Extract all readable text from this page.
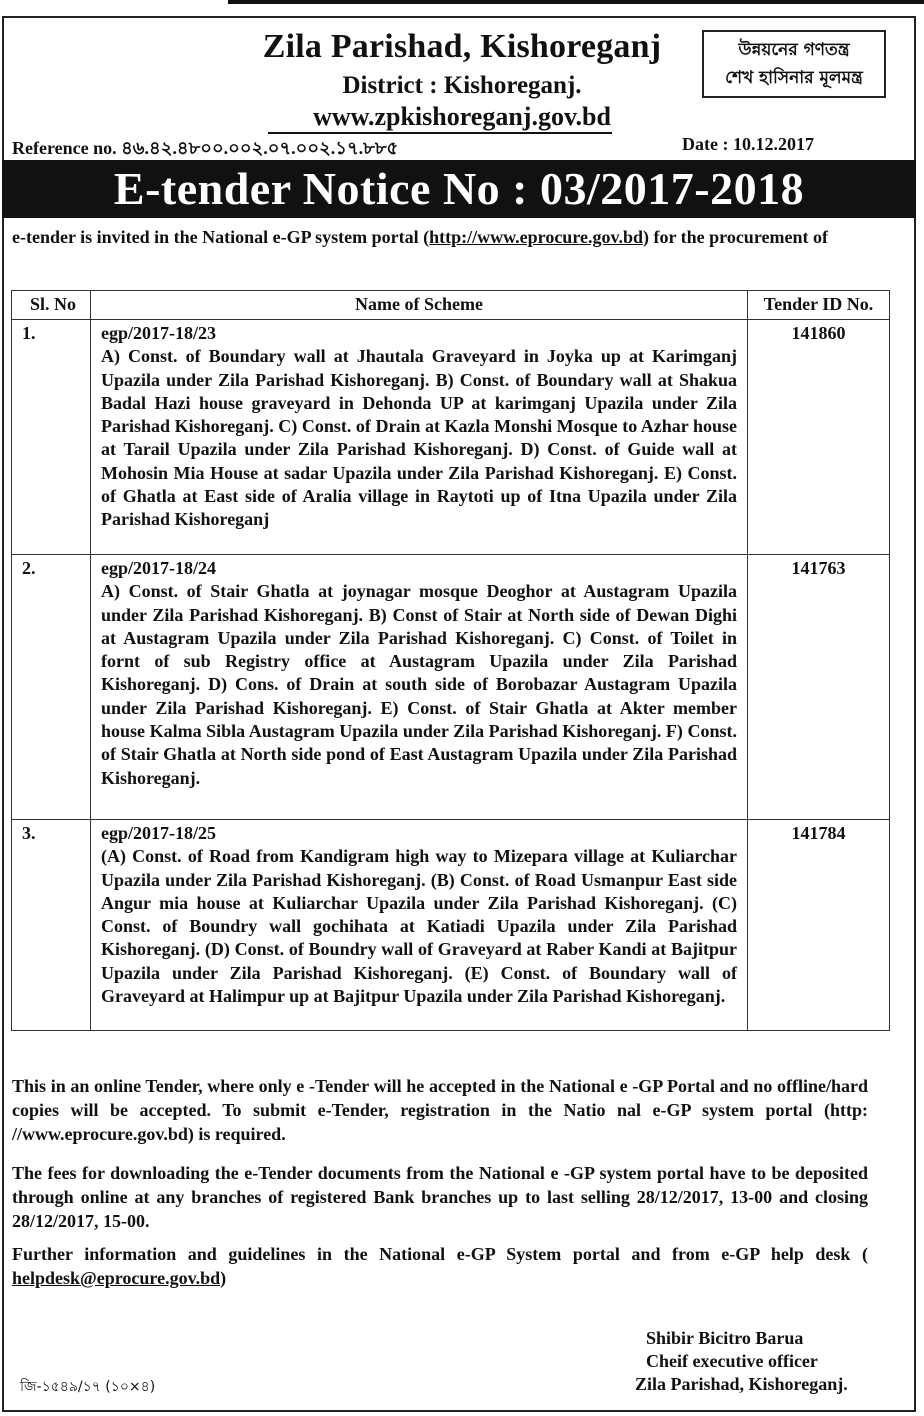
Zila Parishad, Kishoreganj
District : Kishoreganj.
www.zpkishoreganj.gov.bd
উন্নয়নের গণতন্ত্র
শেখ হাসিনার মূলমন্ত্র
Reference no. ৪৬.৪২.৪৮০০.০০২.০৭.০০২.১৭.৮৮৫	Date : 10.12.2017
E-tender Notice No : 03/2017-2018
e-tender is invited in the National e-GP system portal (http://www.eprocure.gov.bd) for the procurement of
Sl. No	Name of Scheme	Tender ID No.
1.	egp/2017-18/23
A) Const. of Boundary wall at Jhautala Graveyard in Joyka up at Karimganj Upazila under Zila Parishad Kishoreganj. B) Const. of Boundary wall at Shakua Badal Hazi house graveyard in Dehonda UP at karimganj Upazila under Zila Parishad Kishoreganj. C) Const. of Drain at Kazla Monshi Mosque to Azhar house at Tarail Upazila under Zila Parishad Kishoreganj. D) Const. of Guide wall at Mohosin Mia House at sadar Upazila under Zila Parishad Kishoreganj. E) Const. of Ghatla at East side of Aralia village in Raytoti up of Itna Upazila under Zila Parishad Kishoreganj	141860
2.	egp/2017-18/24
A) Const. of Stair Ghatla at joynagar mosque Deoghor at Austagram Upazila under Zila Parishad Kishoreganj. B) Const of Stair at North side of Dewan Dighi at Austagram Upazila under Zila Parishad Kishoreganj. C) Const. of Toilet in fornt of sub Registry office at Austagram Upazila under Zila Parishad Kishoreganj. D) Cons. of Drain at south side of Borobazar Austagram Upazila under Zila Parishad Kishoreganj. E) Const. of Stair Ghatla at Akter member house Kalma Sibla Austagram Upazila under Zila Parishad Kishoreganj. F) Const. of Stair Ghatla at North side pond of East Austagram Upazila under Zila Parishad Kishoreganj.	141763
3.	egp/2017-18/25
(A) Const. of Road from Kandigram high way to Mizepara village at Kuliarchar Upazila under Zila Parishad Kishoreganj. (B) Const. of Road Usmanpur East side Angur mia house at Kuliarchar Upazila under Zila Parishad Kishoreganj. (C) Const. of Boundry wall gochihata at Katiadi Upazila under Zila Parishad Kishoreganj. (D) Const. of Boundry wall of Graveyard at Raber Kandi at Bajitpur Upazila under Zila Parishad Kishoreganj. (E) Const. of Boundary wall of Graveyard at Halimpur up at Bajitpur Upazila under Zila Parishad Kishoreganj.	141784
This in an online Tender, where only e -Tender will he accepted in the National e -GP Portal and no offline/hard copies will be accepted. To submit e-Tender, registration in the Natio nal e-GP system portal (http: //www.eprocure.gov.bd) is required.
The fees for downloading the e-Tender documents from the National e -GP system portal have to be deposited through online at any branches of registered Bank branches up to last selling 28/12/2017, 13-00 and closing 28/12/2017, 15-00.
Further information and guidelines in the National e-GP System portal and from e-GP help desk ( helpdesk@eprocure.gov.bd)
Shibir Bicitro Barua
Cheif executive officer
Zila Parishad, Kishoreganj.
জি-১৫৪৯/১৭ (১০×৪)
